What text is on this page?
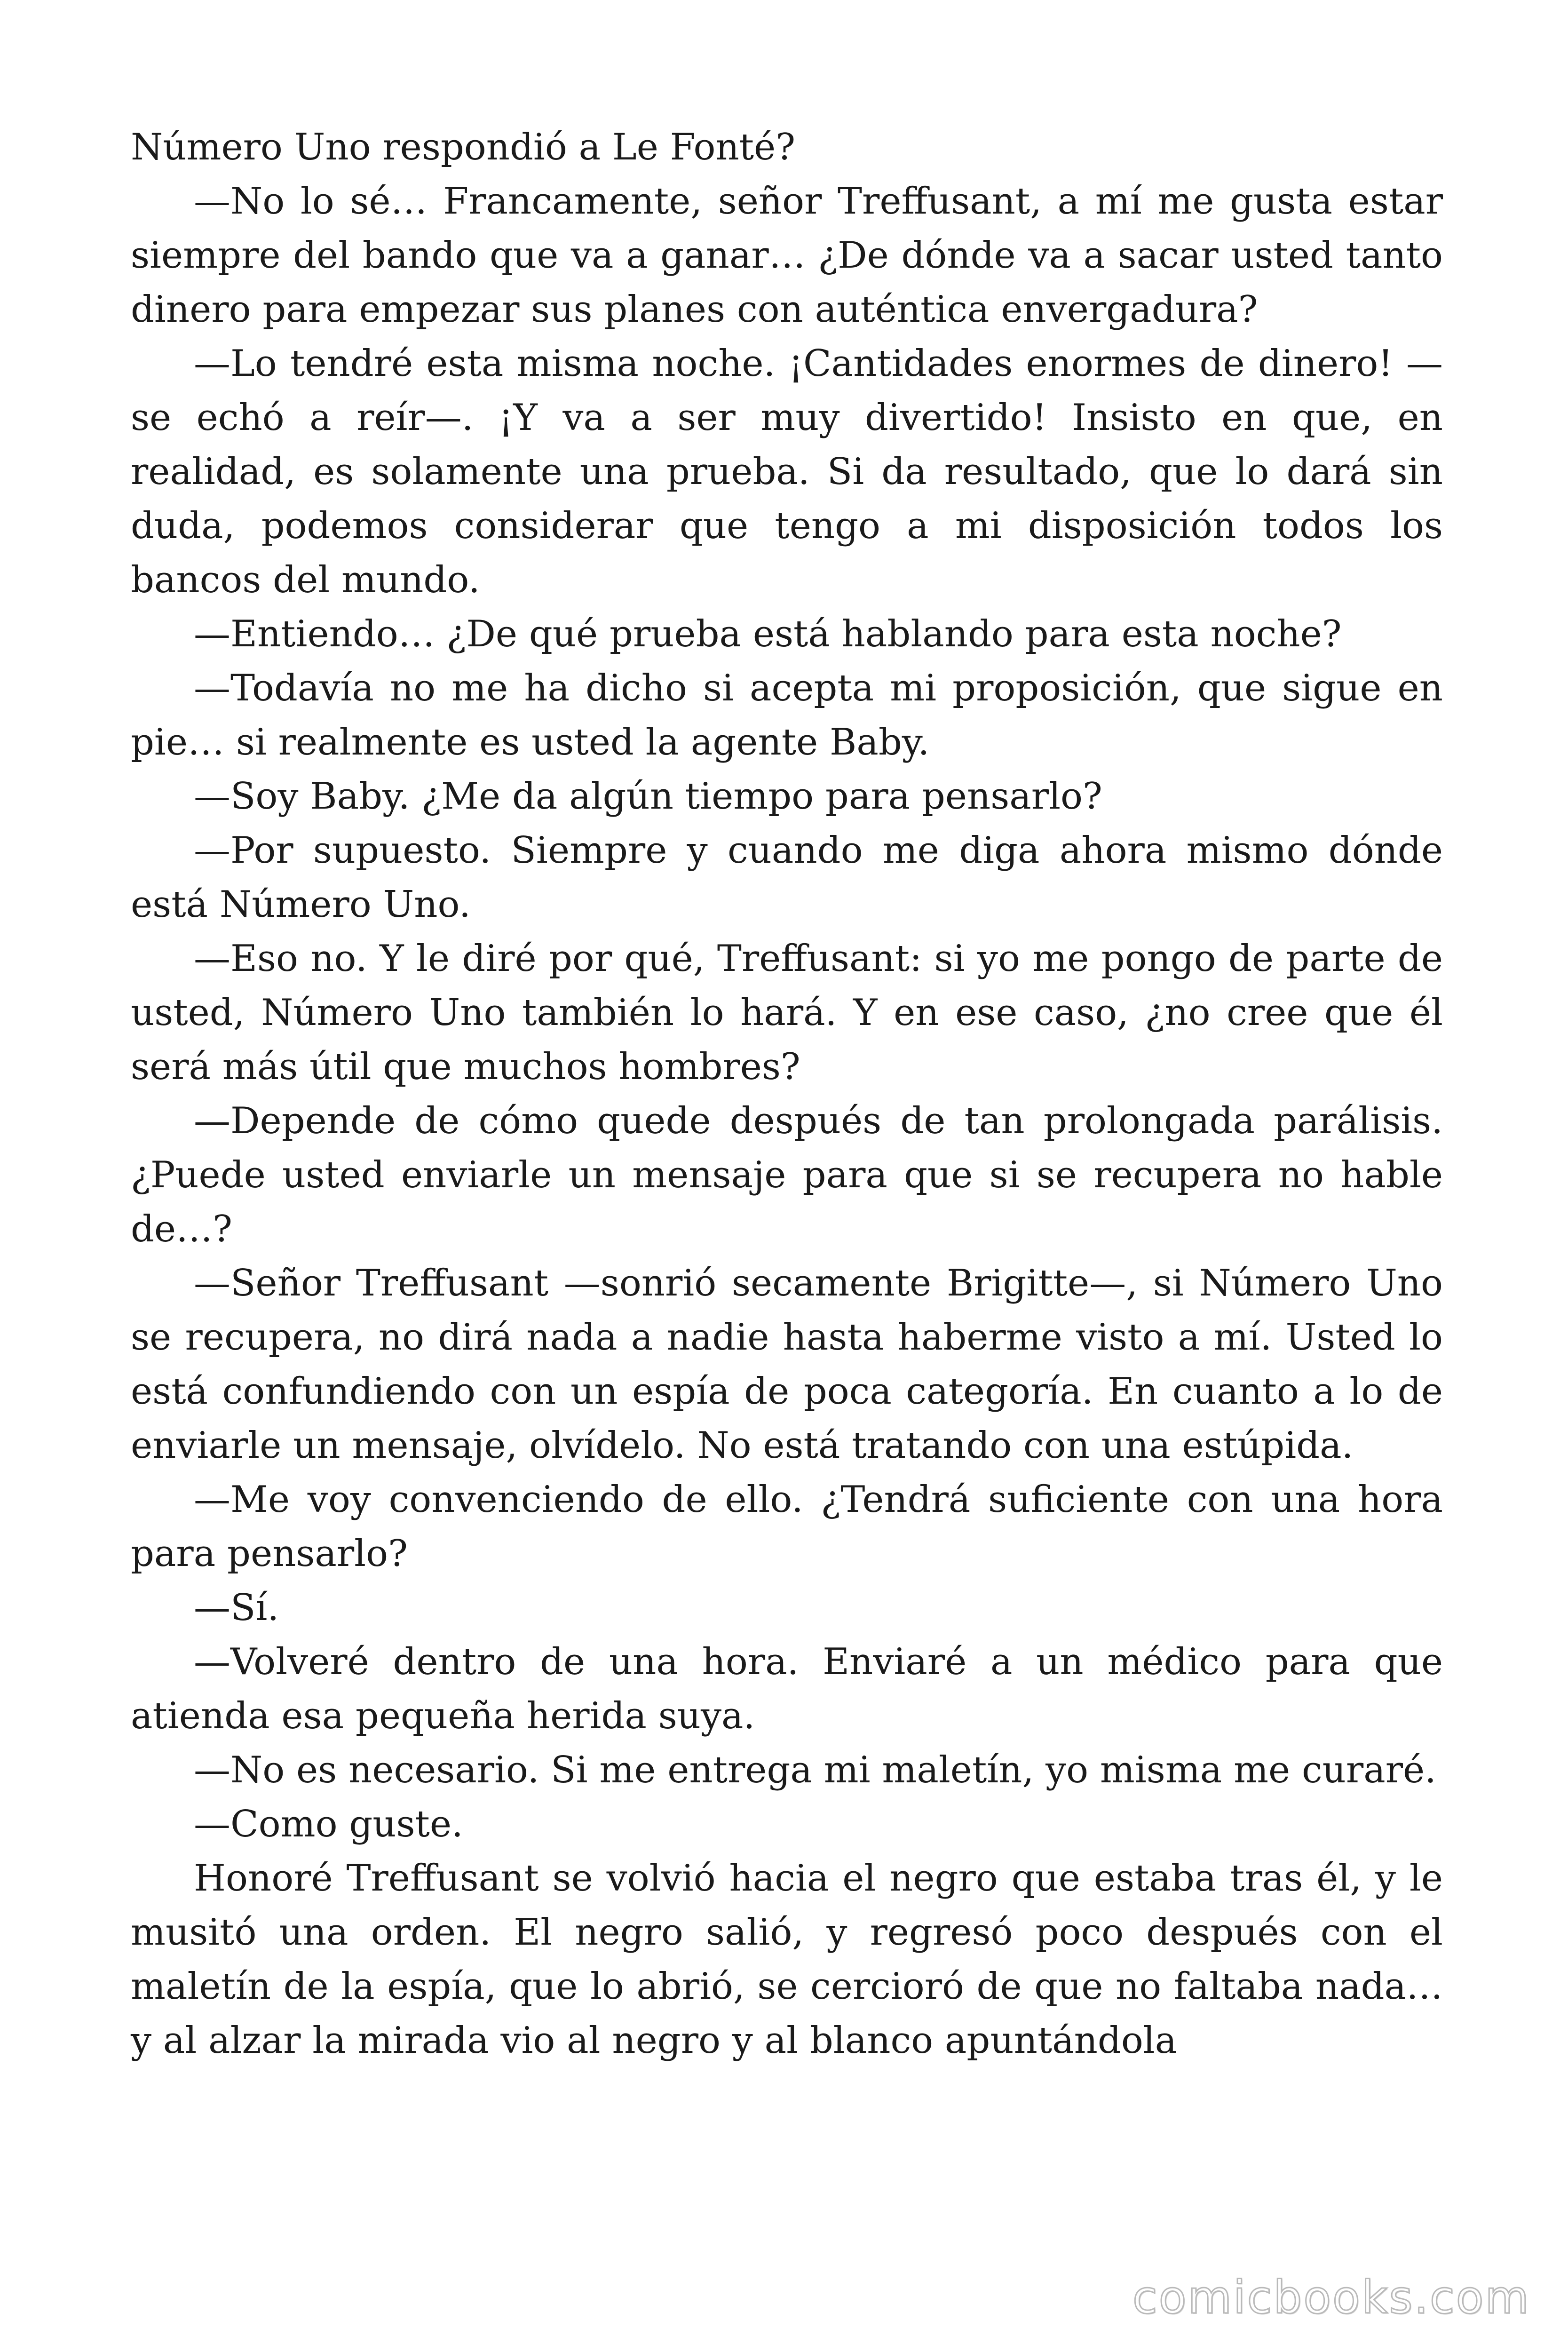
Número Uno respondió a Le Fonté?

—No lo sé… Francamente, señor Treffusant, a mí me gusta estar siempre del bando que va a ganar… ¿De dónde va a sacar usted tanto dinero para empezar sus planes con auténtica envergadura?

—Lo tendré esta misma noche. ¡Cantidades enormes de dinero! —se echó a reír—. ¡Y va a ser muy divertido! Insisto en que, en realidad, es solamente una prueba. Si da resultado, que lo dará sin duda, podemos considerar que tengo a mi disposición todos los bancos del mundo.

—Entiendo… ¿De qué prueba está hablando para esta noche?

—Todavía no me ha dicho si acepta mi proposición, que sigue en pie… si realmente es usted la agente Baby.

—Soy Baby. ¿Me da algún tiempo para pensarlo?

—Por supuesto. Siempre y cuando me diga ahora mismo dónde está Número Uno.

—Eso no. Y le diré por qué, Treffusant: si yo me pongo de parte de usted, Número Uno también lo hará. Y en ese caso, ¿no cree que él será más útil que muchos hombres?

—Depende de cómo quede después de tan prolongada parálisis. ¿Puede usted enviarle un mensaje para que si se recupera no hable de…?

—Señor Treffusant —sonrió secamente Brigitte—, si Número Uno se recupera, no dirá nada a nadie hasta haberme visto a mí. Usted lo está confundiendo con un espía de poca categoría. En cuanto a lo de enviarle un mensaje, olvídelo. No está tratando con una estúpida.

—Me voy convenciendo de ello. ¿Tendrá suficiente con una hora para pensarlo?

—Sí.

—Volveré dentro de una hora. Enviaré a un médico para que atienda esa pequeña herida suya.

—No es necesario. Si me entrega mi maletín, yo misma me curaré.

—Como guste.

Honoré Treffusant se volvió hacia el negro que estaba tras él, y le musitó una orden. El negro salió, y regresó poco después con el maletín de la espía, que lo abrió, se cercioró de que no faltaba nada… y al alzar la mirada vio al negro y al blanco apuntándola

comicbooks.com
